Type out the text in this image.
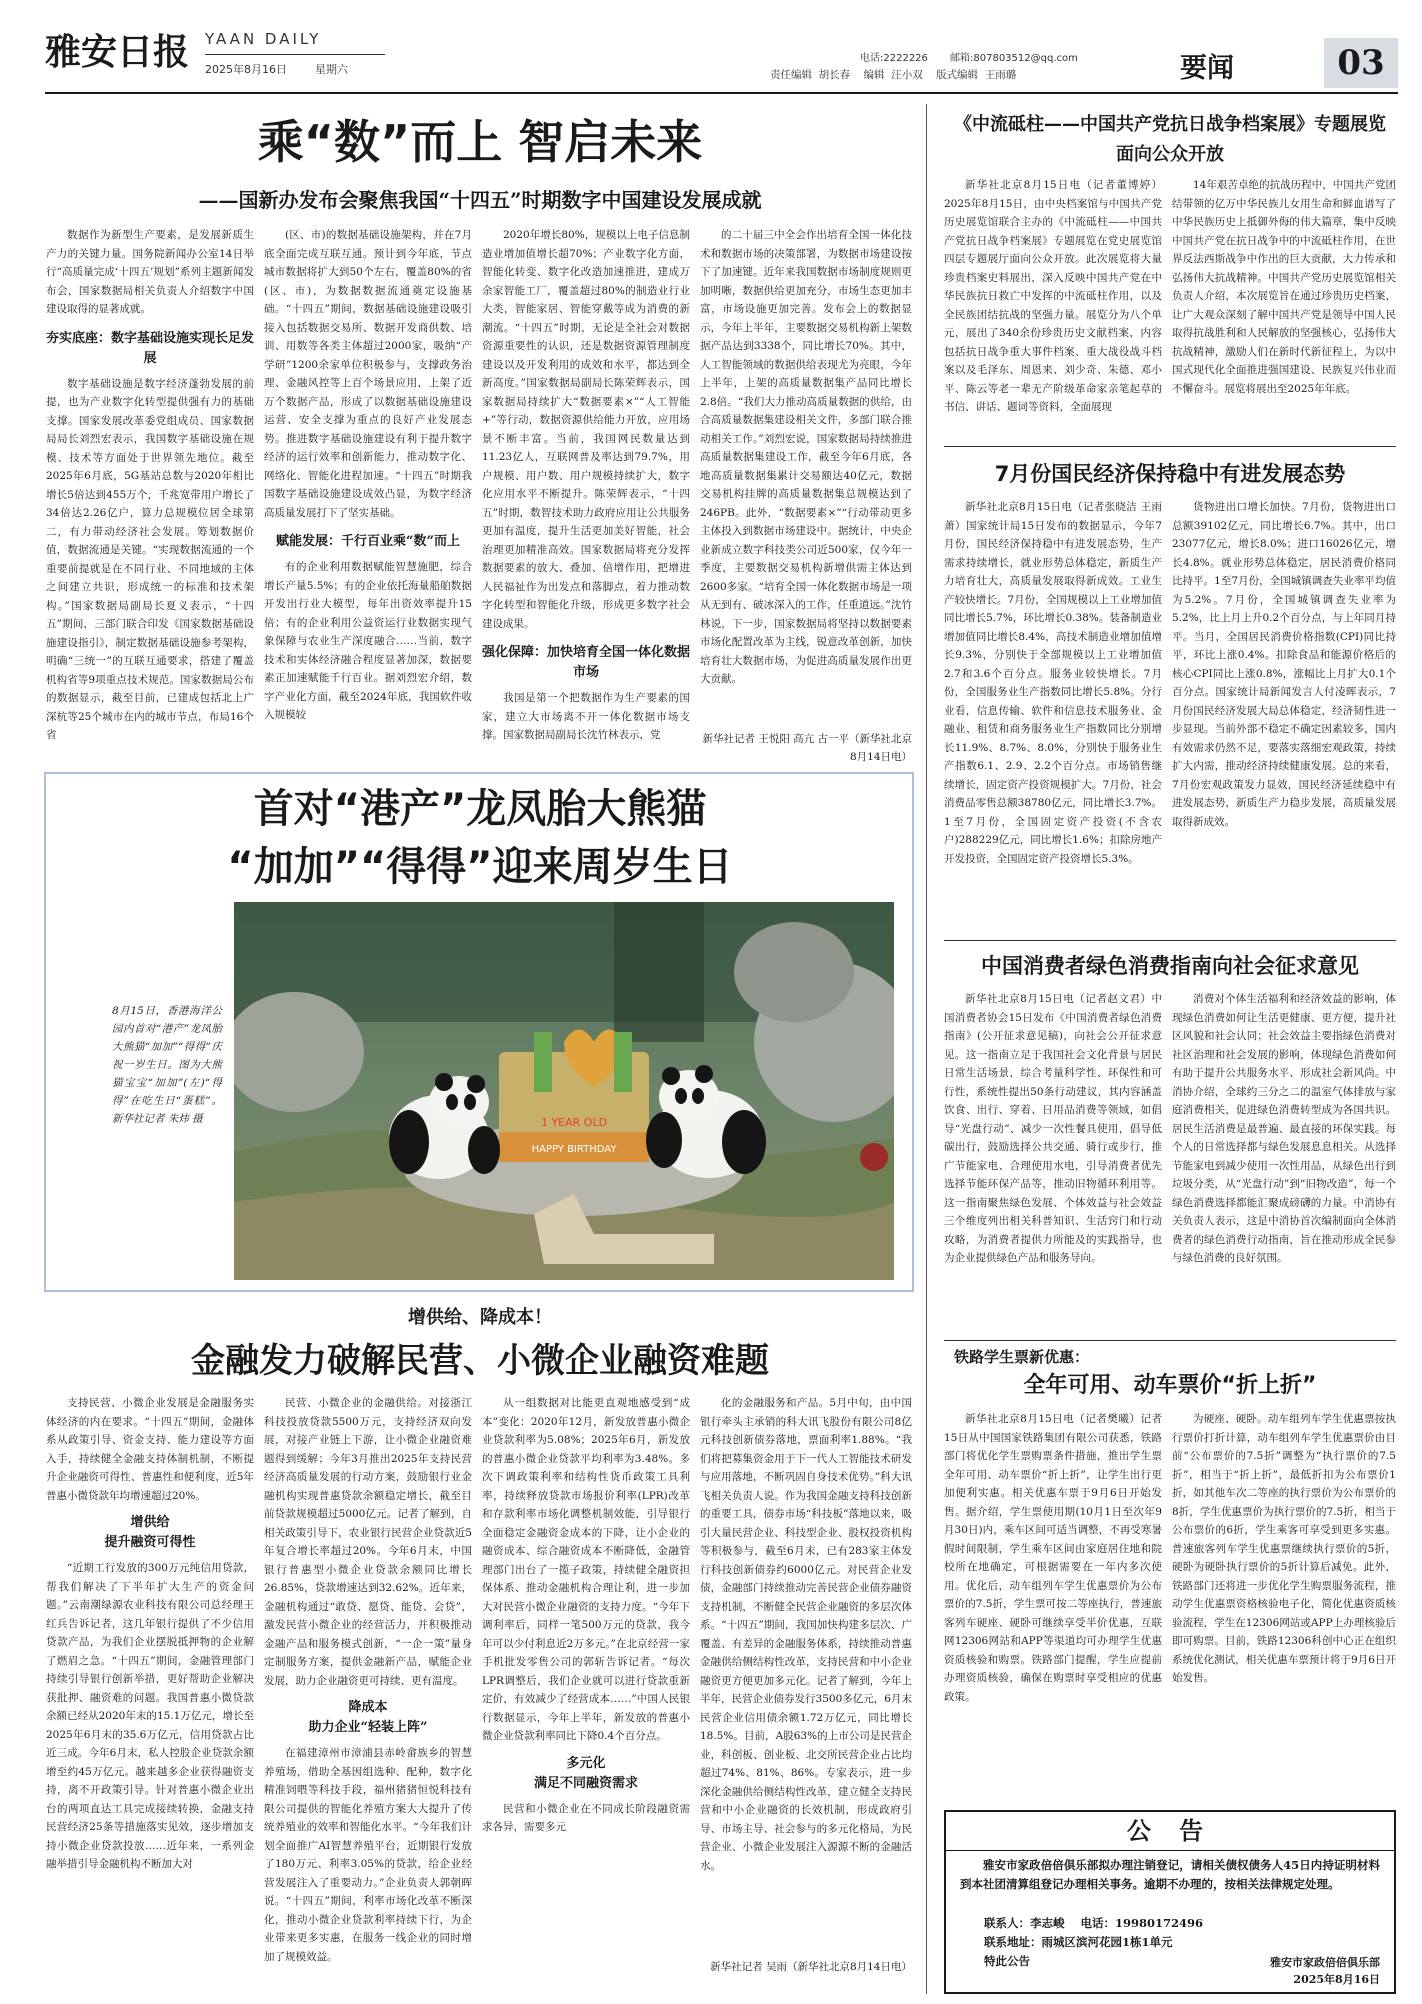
雅安日报 YAAN DAILY
2025年8月16日	星期六
电话:2222226 邮箱:807803512@qq.com
责任编辑  胡长春    编辑  汪小双    版式编辑  王雨璐	要闻	03
乘“数”而上 智启未来
——国新办发布会聚焦我国“十四五”时期数字中国建设发展成就

数据作为新型生产要素，是发展新质生产力的关键力量。国务院新闻办公室14日举行“高质量完成‘十四五’规划”系列主题新闻发布会，国家数据局相关负责人介绍数字中国建设取得的显著成就。

夯实底座：数字基础设施实现长足发展

数字基础设施是数字经济蓬勃发展的前提，也为产业数字化转型提供强有力的基础支撑。国家发展改革委党组成员、国家数据局局长刘烈宏表示，我国数字基础设施在规模、技术等方面处于世界领先地位。截至2025年6月底，5G基站总数与2020年相比增长5倍达到455万个，千兆宽带用户增长了34倍达2.26亿户，算力总规模位居全球第二，有力带动经济社会发展。筹划数据价值，数据流通是关键。“实现数据流通的一个重要前提就是在不同行业、不同地域的主体之间建立共识，形成统一的标准和技术架构。”国家数据局副局长夏义表示，“十四五”期间，三部门联合印发《国家数据基础设施建设指引》，制定数据基础设施参考架构，明确“三统一”的互联互通要求，搭建了覆盖机构省等9项重点技术规范。国家数据局公布的数据显示，截至目前，已建成包括北上广深杭等25个城市在内的城市节点，布局16个省

(区、市)的数据基础设施架构，并在7月底全面完成互联互通。预计到今年底，节点城市数据将扩大到50个左右，覆盖80%的省(区、市)，为数据数据流通奠定设施基础。“十四五”期间，数据基础设施建设吸引接入包括数据交易所、数据开发商供数、培训、用数等各类主体超过2000家，吸纳“产学研”1200余家单位积极参与，支撑政务治理、金融风控等上百个场景应用，上架了近万个数据产品，形成了以数据基础设施建设运营、安全支撑为重点的良好产业发展态势。推进数字基础设施建设有利于提升数字经济的运行效率和创新能力，推动数字化、网络化、智能化进程加速。“十四五”时期我国数字基础设施建设成效凸显，为数字经济高质量发展打下了坚实基础。

赋能发展：千行百业乘“数”而上

有的企业利用数据赋能智慧施肥，综合增长产量5.5%；有的企业依托海量船舶数据开发出行业大模型，每年出资效率提升15倍；有的企业利用公益资运行业数据实现气象保障与农业生产深度融合……当前，数字技术和实体经济融合程度显著加深，数据要素正加速赋能千行百业。据刘烈宏介绍，数字产业化方面，截至2024年底，我国软件收入规模较

2020年增长80%，规模以上电子信息制造业增加值增长超70%；产业数字化方面，智能化转变、数字化改造加速推进，建成万余家智能工厂，覆盖超过80%的制造业行业大类，智能家居、智能穿戴等成为消费的新潮流。“十四五”时期，无论是全社会对数据资源重要性的认识，还是数据资源管理制度建设以及开发利用的成效和水平，都达到全新高度。”国家数据局副局长陈荣辉表示，国家数据局持续扩大“数据要素×”“人工智能+”等行动，数据资源供给能力开放，应用场景不断丰富。当前，我国网民数量达到11.23亿人，互联网普及率达到79.7%，用户规模、用户数、用户规模持续扩大，数字化应用水平不断提升。陈荣辉表示，“十四五”时期，数智技术助力政府应用让公共服务更加有温度，提升生活更加美好智能，社会治理更加精准高效。国家数据局将充分发挥数据要素的放大、叠加、倍增作用，把增进人民福祉作为出发点和落脚点，着力推动数字化转型和智能化升级，形成更多数字社会建设成果。

强化保障：加快培育全国一体化数据市场

我国是第一个把数据作为生产要素的国家，建立大市场离不开一体化数据市场支撑。国家数据局副局长沈竹林表示，党

的二十届三中全会作出培育全国一体化技术和数据市场的决策部署，为数据市场建设按下了加速键。近年来我国数据市场制度规则更加明晰，数据供给更加充分，市场生态更加丰富，市场设施更加完善。发布会上的数据显示，今年上半年，主要数据交易机构新上架数据产品达到3338个，同比增长70%。其中，人工智能领域的数据供给表现尤为亮眼，今年上半年，上架的高质量数据集产品同比增长2.8倍。“我们大力推动高质量数据的供给，由合高质量数据集建设相关文件，多部门联合推动相关工作。”刘烈宏说，国家数据局持续推进高质量数据集建设工作，截至今年6月底，各地高质量数据集累计交易额达40亿元，数据交易机构挂牌的高质量数据集总规模达到了246PB。此外，“数据要素×”“行动带动更多主体投入到数据市场建设中。据统计，中央企业新成立数字科技类公司近500家，仅今年一季度，主要数据交易机构新增供需主体达到2600多家。“培育全国一体化数据市场是一项从无到有、破冰深入的工作，任重道远。”沈竹林说，下一步，国家数据局将坚持以数据要素市场化配置改革为主线，锐意改革创新，加快培育壮大数据市场，为促进高质量发展作出更大贡献。

新华社记者 王悦阳 高亢 古一平（新华社北京8月14日电）
首对“港产”龙凤胎大熊猫
“加加”“得得”迎来周岁生日
1 YEAR OLD
HAPPY BIRTHDAY
8月15日，香港海洋公园内首对“港产”龙凤胎大熊猫“加加”“得得”庆祝一岁生日。图为大熊猫宝宝“加加”(左)“得得”在吃生日“蛋糕”。新华社记者 朱炜 摄
增供给、降成本！
金融发力破解民营、小微企业融资难题

支持民营、小微企业发展是金融服务实体经济的内在要求。“十四五”期间，金融体系从政策引导、资金支持、能力建设等方面入手，持续健全金融支持体制机制，不断提升企业融资可得性、普惠性和便利度，近5年普惠小微贷款年均增速超过20%。

增供给
提升融资可得性

“近期工行发放的300万元纯信用贷款，帮我们解决了下半年扩大生产的资金问题。”云南潮绿源农业科技有限公司总经理王红兵告诉记者，这几年银行提供了不少信用贷款产品，为我们企业摆脱抵押物的企业解了燃眉之急。“十四五”期间，金融管理部门持续引导银行创新举措，更好帮助企业解决获批押、融资难的问题。我国普惠小微贷款余额已经从2020年末的15.1万亿元，增长至2025年6月末的35.6万亿元，信用贷款占比近三成。今年6月末，私人控股企业贷款余额增至约45万亿元。越来越多企业获得融资支持，离不开政策引导。针对普惠小微企业出台的两项直达工具完成接续转换，金融支持民营经济25条等措施落实见效，逐步增加支持小微企业贷款投放……近年来，一系列金融举措引导金融机构不断加大对

民营、小微企业的金融供给。对接浙江科技投放贷款5500万元，支持经济双向发展，对接产业链上下游，让小微企业融资难题得到缓解；今年3月推出2025年支持民营经济高质量发展的行动方案，鼓励银行业金融机构实现普惠贷款余额稳定增长，截至目前贷款规模超过5000亿元。记者了解到，自相关政策引导下，农业银行民营企业贷款近5年复合增长率超过20%。今年6月末，中国银行普惠型小微企业贷款余额同比增长26.85%，贷款增速达到32.62%。近年来，金融机构通过“敢贷、愿贷、能贷、会贷”，激发民营小微企业的经营活力，并积极推动金融产品和服务模式创新，“一企一策”量身定制服务方案，提供金融新产品，赋能企业发展，助力企业融资更可持续、更有温度。

降成本
助力企业“轻装上阵”

在福建漳州市漳浦县赤岭畲族乡的智慧养殖场，借助全基因组选种、配种，数字化精准饲喂等科技手段，福州猪猪恒悦科技有限公司提供的智能化养殖方案大大提升了传统养殖业的效率和智能化水平。“今年我们计划全面推广AI智慧养殖平台，近期银行发放了180万元、利率3.05%的贷款，给企业经营发展注入了重要动力。”企业负责人郭朝晖说。“十四五”期间，利率市场化改革不断深化，推动小微企业贷款利率持续下行，为企业带来更多实惠，在服务一线企业的同时增加了规模效益。

从一组数据对比能更直观地感受到“成本”变化：2020年12月，新发放普惠小微企业贷款利率为5.08%；2025年6月，新发放的普惠小微企业贷款平均利率为3.48%。多次下调政策利率和结构性货币政策工具利率，持续释放贷款市场报价利率(LPR)改革和存款利率市场化调整机制效能，引导银行全面稳定金融资金成本的下降，让小企业的融资成本、综合融资成本不断降低，金融管理部门出台了一揽子政策，持续健全融资担保体系、推动金融机构合理让利，进一步加大对民营小微企业融资的支持力度。“今年下调利率后，同样一笔500万元的贷款，我今年可以少付利息近2万多元。”在北京经营一家手机批发零售公司的郭斩告诉记者。“每次LPR调整后，我们企业就可以进行贷款重新定价，有效减少了经营成本……”中国人民银行数据显示，今年上半年，新发放的普惠小微企业贷款利率同比下降0.4个百分点。

多元化
满足不同融资需求

民营和小微企业在不同成长阶段融资需求各异，需要多元

化的金融服务和产品。5月中旬，由中国银行牵头主承销的科大讯飞股份有限公司8亿元科技创新债券落地，票面利率1.88%。“我们将把募集资金用于下一代人工智能技术研发与应用落地，不断巩固自身技术优势。”科大讯飞相关负责人说。作为我国金融支持科技创新的重要工具，债券市场“科技板”落地以来，吸引大量民营企业、科技型企业、股权投资机构等积极参与，截至6月末，已有283家主体发行科技创新债券约6000亿元。对民营企业发债，金融部门持续推动完善民营企业债券融资支持机制，不断健全民营企业融资的多层次体系。“十四五”期间，我国加快构建多层次、广覆盖、有差异的金融服务体系，持续推动普惠金融供给侧结构性改革，支持民营和中小企业融资更方便更加多元化。记者了解到，今年上半年，民营企业债券发行3500多亿元，6月末民营企业信用债余额1.72万亿元，同比增长18.5%。目前，A股63%的上市公司是民营企业，科创板、创业板、北交所民营企业占比均超过74%、81%、86%。专家表示，进一步深化金融供给侧结构性改革，建立健全支持民营和中小企业融资的长效机制，形成政府引导、市场主导、社会参与的多元化格局，为民营企业、小微企业发展注入源源不断的金融活水。

新华社记者 吴雨（新华社北京8月14日电）
《中流砥柱——中国共产党抗日战争档案展》专题展览面向公众开放

新华社北京8月15日电（记者董博婷）2025年8月15日，由中央档案馆与中国共产党历史展览馆联合主办的《中流砥柱——中国共产党抗日战争档案展》专题展览在党史展览馆四层专题展厅面向公众开放。此次展览将大量珍贵档案史料展出，深入反映中国共产党在中华民族抗日救亡中发挥的中流砥柱作用，以及全民族团结抗战的坚强力量。展览分为八个单元，展出了340余份珍贵历史文献档案，内容包括抗日战争重大事件档案、重大战役战斗档案以及毛泽东、周恩来、刘少奇、朱德、邓小平、陈云等老一辈无产阶级革命家亲笔起草的书信、讲话、题词等资料，全面展现

14年艰苦卓绝的抗战历程中，中国共产党团结带领的亿万中华民族儿女用生命和鲜血谱写了中华民族历史上抵御外侮的伟大篇章，集中反映中国共产党在抗日战争中的中流砥柱作用，在世界反法西斯战争中作出的巨大贡献，大力传承和弘扬伟大抗战精神。中国共产党历史展览馆相关负责人介绍，本次展览旨在通过珍贵历史档案，让广大观众深刻了解中国共产党是领导中国人民取得抗战胜利和人民解放的坚强核心，弘扬伟大抗战精神，激励人们在新时代新征程上，为以中国式现代化全面推进强国建设、民族复兴伟业而不懈奋斗。展览将展出至2025年年底。

7月份国民经济保持稳中有进发展态势

新华社北京8月15日电（记者张晓洁 王雨萧）国家统计局15日发布的数据显示，今年7月份，国民经济保持稳中有进发展态势，生产需求持续增长，就业形势总体稳定，新质生产力培育壮大，高质量发展取得新成效。工业生产较快增长。7月份，全国规模以上工业增加值同比增长5.7%，环比增长0.38%。装备制造业增加值同比增长8.4%，高技术制造业增加值增长9.3%，分别快于全部规模以上工业增加值2.7和3.6个百分点。服务业较快增长。7月份，全国服务业生产指数同比增长5.8%。分行业看，信息传输、软件和信息技术服务业、金融业、租赁和商务服务业生产指数同比分别增长11.9%、8.7%、8.0%，分别快于服务业生产指数6.1、2.9、2.2个百分点。市场销售继续增长，固定资产投资规模扩大。7月份，社会消费品零售总额38780亿元，同比增长3.7%。1至7月份，全国固定资产投资(不含农户)288229亿元，同比增长1.6%；扣除房地产开发投资，全国固定资产投资增长5.3%。

货物进出口增长加快。7月份，货物进出口总额39102亿元，同比增长6.7%。其中，出口23077亿元，增长8.0%；进口16026亿元，增长4.8%。就业形势总体稳定，居民消费价格同比持平。1至7月份，全国城镇调查失业率平均值为5.2%。7月份，全国城镇调查失业率为5.2%，比上月上升0.2个百分点，与上年同月持平。当月，全国居民消费价格指数(CPI)同比持平，环比上涨0.4%。扣除食品和能源价格后的核心CPI同比上涨0.8%，涨幅比上月扩大0.1个百分点。国家统计局新闻发言人付凌晖表示，7月份国民经济发展大局总体稳定，经济韧性进一步显现。当前外部不稳定不确定因素较多，国内有效需求仍然不足，要落实落细宏观政策，持续扩大内需，推动经济持续健康发展。总的来看，7月份宏观政策发力显效，国民经济延续稳中有进发展态势，新质生产力稳步发展，高质量发展取得新成效。

中国消费者绿色消费指南向社会征求意见

新华社北京8月15日电（记者赵文君）中国消费者协会15日发布《中国消费者绿色消费指南》(公开征求意见稿)，向社会公开征求意见。这一指南立足于我国社会文化背景与居民日常生活场景，综合考量科学性、环保性和可行性，系统性提出50条行动建议，其内容涵盖饮食、出行、穿着、日用品消费等领域，如倡导“光盘行动”、减少一次性餐具使用，倡导低碳出行，鼓励选择公共交通、骑行或步行，推广节能家电、合理使用水电，引导消费者优先选择节能环保产品等，推动旧物循环利用等。这一指南聚焦绿色发展、个体效益与社会效益三个维度列出相关科普知识、生活窍门和行动攻略，为消费者提供力所能及的实践指导，也为企业提供绿色产品和服务导向。

消费对个体生活福利和经济效益的影响，体现绿色消费如何让生活更健康、更方便，提升社区风貌和社会认同；社会效益主要指绿色消费对社区治理和社会发展的影响，体现绿色消费如何有助于提升公共服务水平、形成社会新风尚。中消协介绍，全球约三分之二的温室气体排放与家庭消费相关，促进绿色消费转型成为各国共识。居民生活消费是最普遍、最直接的环保实践。每个人的日常选择都与绿色发展息息相关。从选择节能家电到减少使用一次性用品，从绿色出行到垃圾分类，从“光盘行动”到“旧物改造”，每一个绿色消费选择都能汇聚成磅礴的力量。中消协有关负责人表示，这是中消协首次编制面向全体消费者的绿色消费行动指南，旨在推动形成全民参与绿色消费的良好氛围。

铁路学生票新优惠：
全年可用、动车票价“折上折”

新华社北京8月15日电（记者樊曦）记者15日从中国国家铁路集团有限公司获悉，铁路部门将优化学生票购票条件措施，推出学生票全年可用、动车票价“折上折”，让学生出行更加便利实惠。相关优惠车票于9月6日开始发售。据介绍，学生票使用期(10月1日至次年9月30日)内，乘车区间可适当调整，不再受寒暑假时间限制，学生乘车区间由家庭居住地和院校所在地确定，可根据需要在一年内多次使用。优化后，动车组列车学生优惠票价为公布票价的7.5折，学生票可按二等座执行，普速旅客列车硬座、硬卧可继续享受半价优惠，互联网12306网站和APP等渠道均可办理学生优惠资质核验和购票。铁路部门提醒，学生应提前办理资质核验，确保在购票时享受相应的优惠政策。

为硬座、硬卧。动车组列车学生优惠票按执行票价打折计算，动车组列车学生优惠票价由目前“公布票价的7.5折”调整为“执行票价的7.5折”，相当于“折上折”，最低折扣为公布票价1折，如其他车次二等座的执行票价为公布票价的8折，学生优惠票价为执行票价的7.5折，相当于公布票价的6折，学生乘客可享受到更多实惠。普速旅客列车学生优惠票继续执行票价的5折，硬卧为硬卧执行票价的5折计算后减免。此外，铁路部门还将进一步优化学生购票服务流程，推动学生优惠票资格核验电子化，简化优惠资质核验流程，学生在12306网站或APP上办理核验后即可购票。目前，铁路12306科创中心正在组织系统优化测试，相关优惠车票预计将于9月6日开始发售。

公 告
雅安市家政倍倍俱乐部拟办理注销登记，请相关债权债务人45日内持证明材料到本社团清算组登记办理相关事务。逾期不办理的，按相关法律规定处理。
联系人：李志峻    电话：19980172496
联系地址：雨城区滨河花园1栋1单元
特此公告	雅安市家政倍倍俱乐部
2025年8月16日
